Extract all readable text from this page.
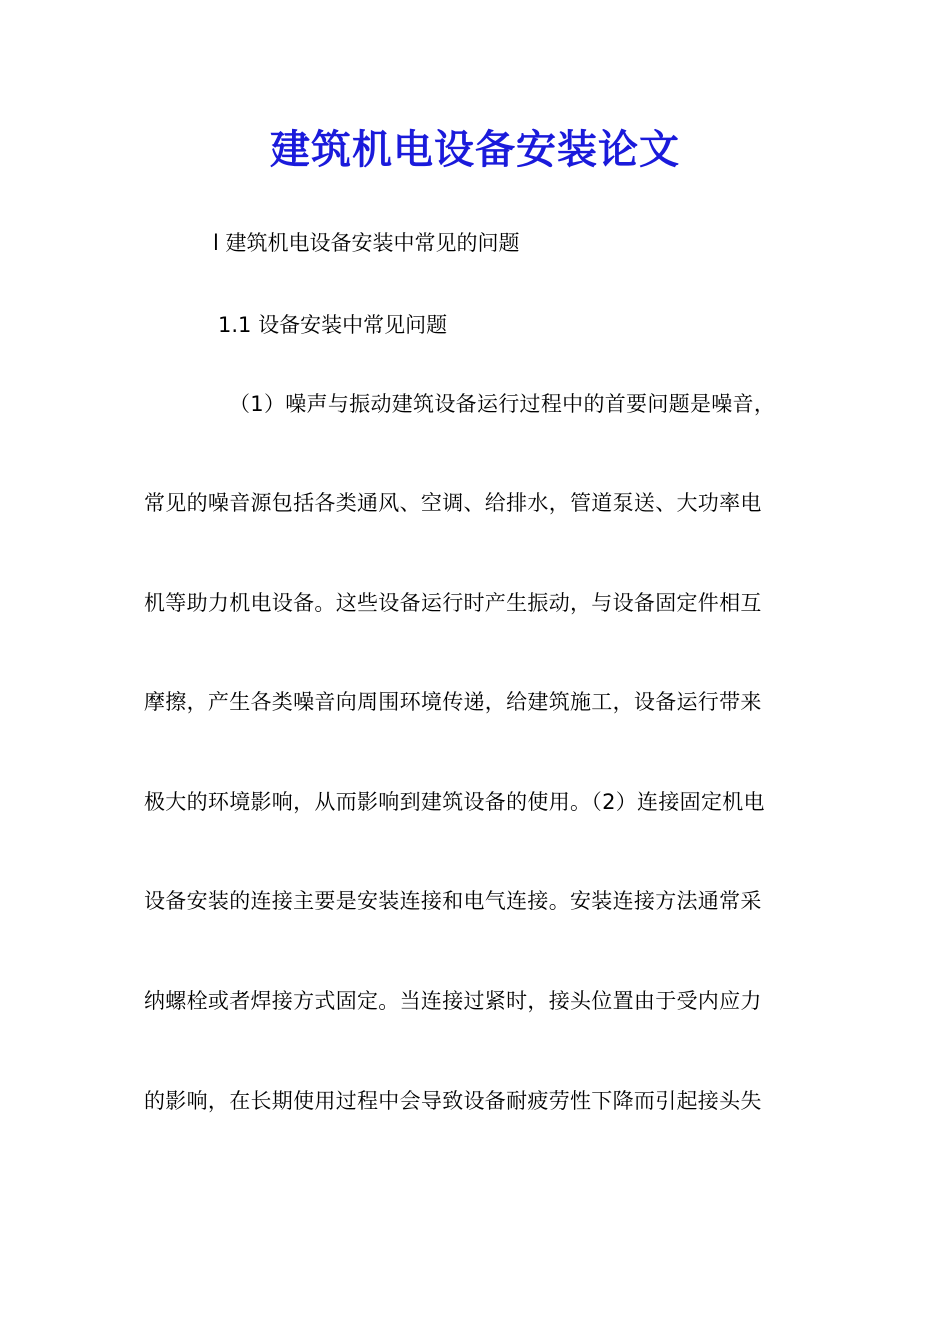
建筑机电设备安装论文
l 建筑机电设备安装中常见的问题
1.1 设备安装中常见问题
（1）噪声与振动建筑设备运行过程中的首要问题是噪音，
常见的噪音源包括各类通风、空调、给排水，管道泵送、大功率电
机等助力机电设备。这些设备运行时产生振动，与设备固定件相互
摩擦，产生各类噪音向周围环境传递，给建筑施工，设备运行带来
极大的环境影响，从而影响到建筑设备的使用。（2）连接固定机电
设备安装的连接主要是安装连接和电气连接。安装连接方法通常采
纳螺栓或者焊接方式固定。当连接过紧时，接头位置由于受内应力
的影响，在长期使用过程中会导致设备耐疲劳性下降而引起接头失
